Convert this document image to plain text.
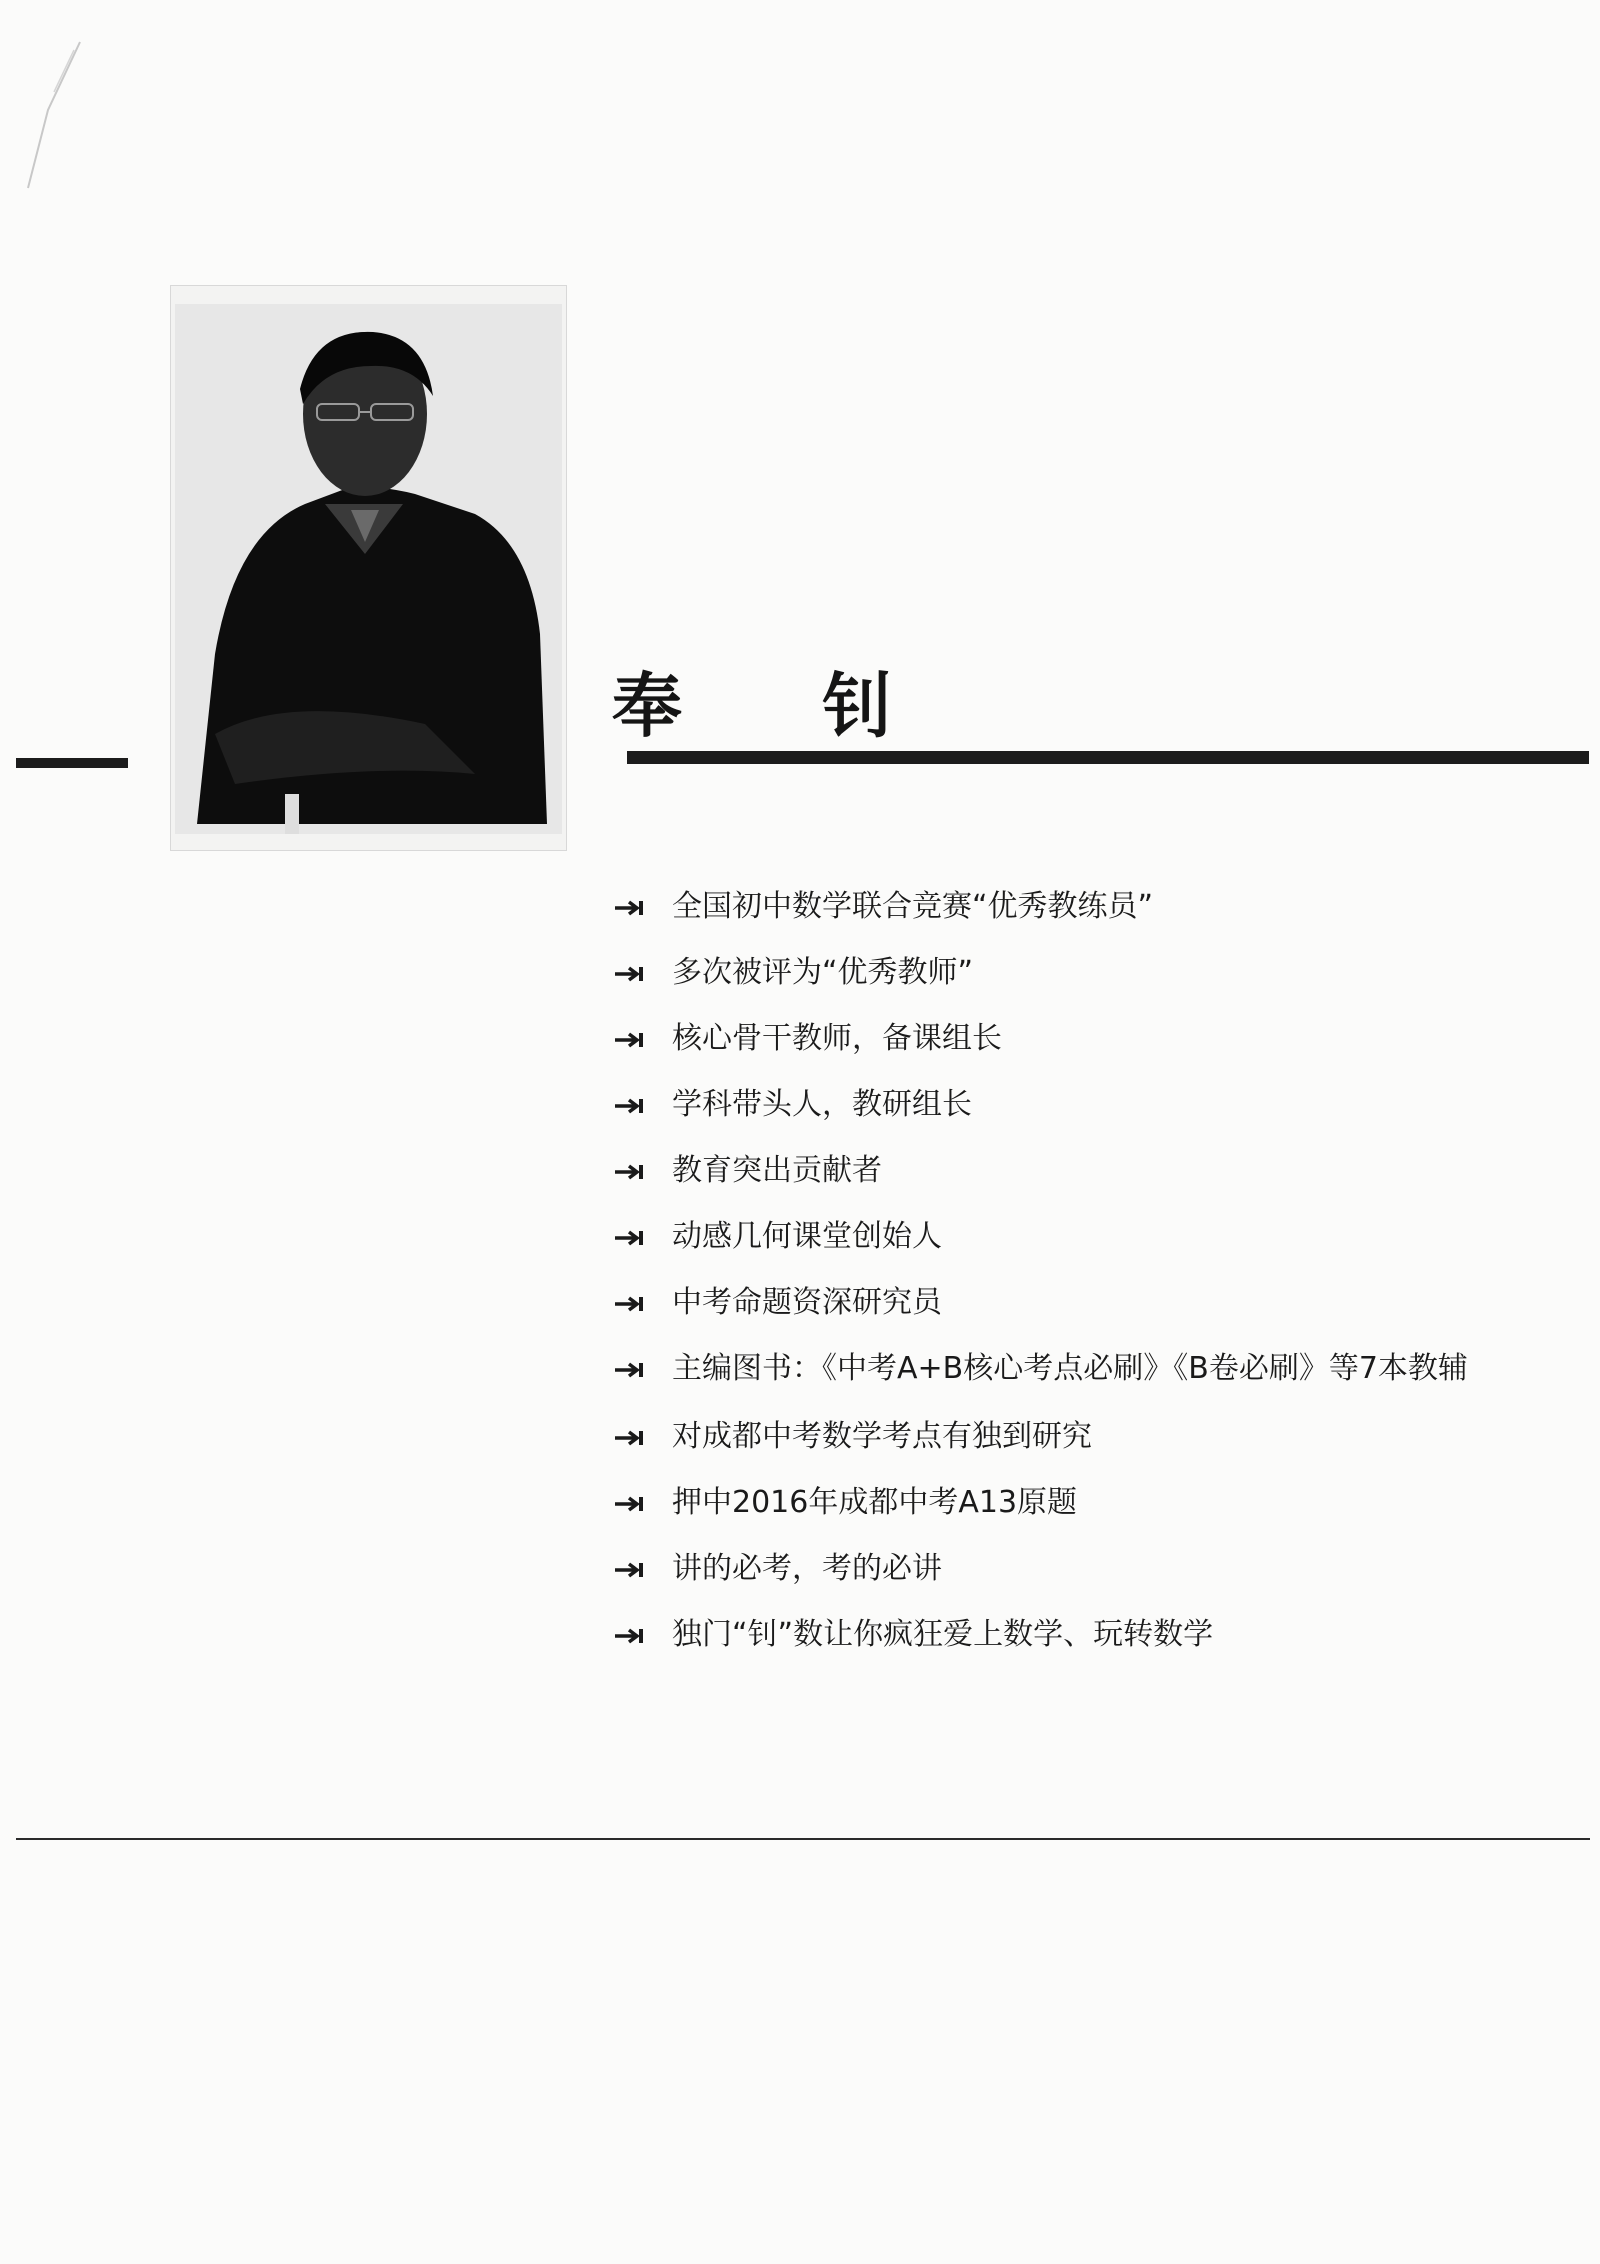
奉 钊
全国初中数学联合竞赛“优秀教练员”
多次被评为“优秀教师”
核心骨干教师，备课组长
学科带头人，教研组长
教育突出贡献者
动感几何课堂创始人
中考命题资深研究员
主编图书：《中考A+B核心考点必刷》《B卷必刷》等7本教辅
对成都中考数学考点有独到研究
押中2016年成都中考A13原题
讲的必考，考的必讲
独门“钊”数让你疯狂爱上数学、玩转数学
